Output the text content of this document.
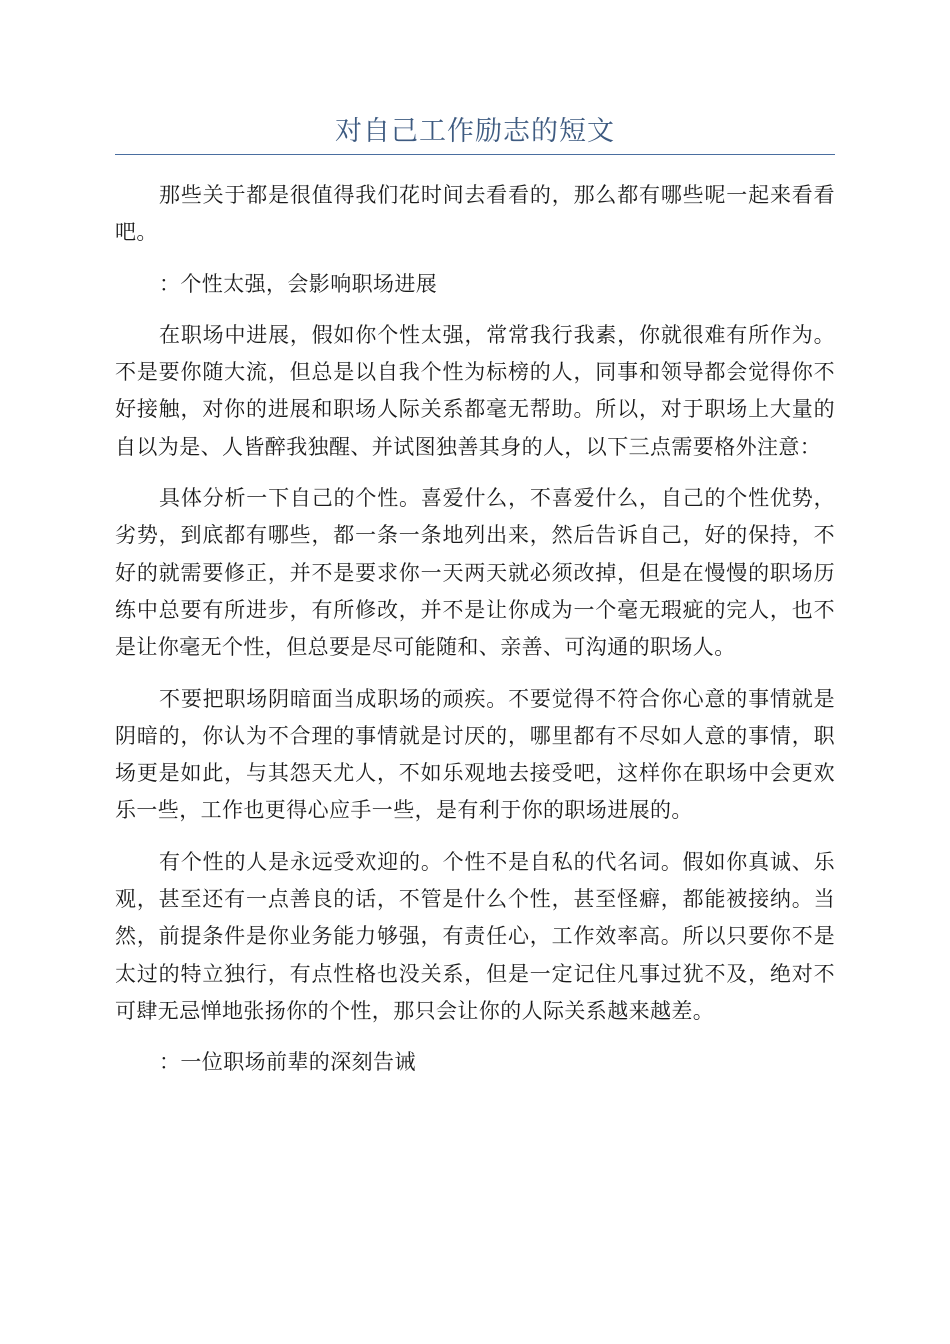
对自己工作励志的短文

那些关于都是很值得我们花时间去看看的，那么都有哪些呢一起来看看吧。

：个性太强，会影响职场进展

在职场中进展，假如你个性太强，常常我行我素，你就很难有所作为。不是要你随大流，但总是以自我个性为标榜的人，同事和领导都会觉得你不好接触，对你的进展和职场人际关系都毫无帮助。所以，对于职场上大量的自以为是、人皆醉我独醒、并试图独善其身的人，以下三点需要格外注意：

具体分析一下自己的个性。喜爱什么，不喜爱什么，自己的个性优势，劣势，到底都有哪些，都一条一条地列出来，然后告诉自己，好的保持，不好的就需要修正，并不是要求你一天两天就必须改掉，但是在慢慢的职场历练中总要有所进步，有所修改，并不是让你成为一个毫无瑕疵的完人，也不是让你毫无个性，但总要是尽可能随和、亲善、可沟通的职场人。

不要把职场阴暗面当成职场的顽疾。不要觉得不符合你心意的事情就是阴暗的，你认为不合理的事情就是讨厌的，哪里都有不尽如人意的事情，职场更是如此，与其怨天尤人，不如乐观地去接受吧，这样你在职场中会更欢乐一些，工作也更得心应手一些，是有利于你的职场进展的。

有个性的人是永远受欢迎的。个性不是自私的代名词。假如你真诚、乐观，甚至还有一点善良的话，不管是什么个性，甚至怪癖，都能被接纳。当然，前提条件是你业务能力够强，有责任心，工作效率高。所以只要你不是太过的特立独行，有点性格也没关系，但是一定记住凡事过犹不及，绝对不可肆无忌惮地张扬你的个性，那只会让你的人际关系越来越差。

：一位职场前辈的深刻告诫
